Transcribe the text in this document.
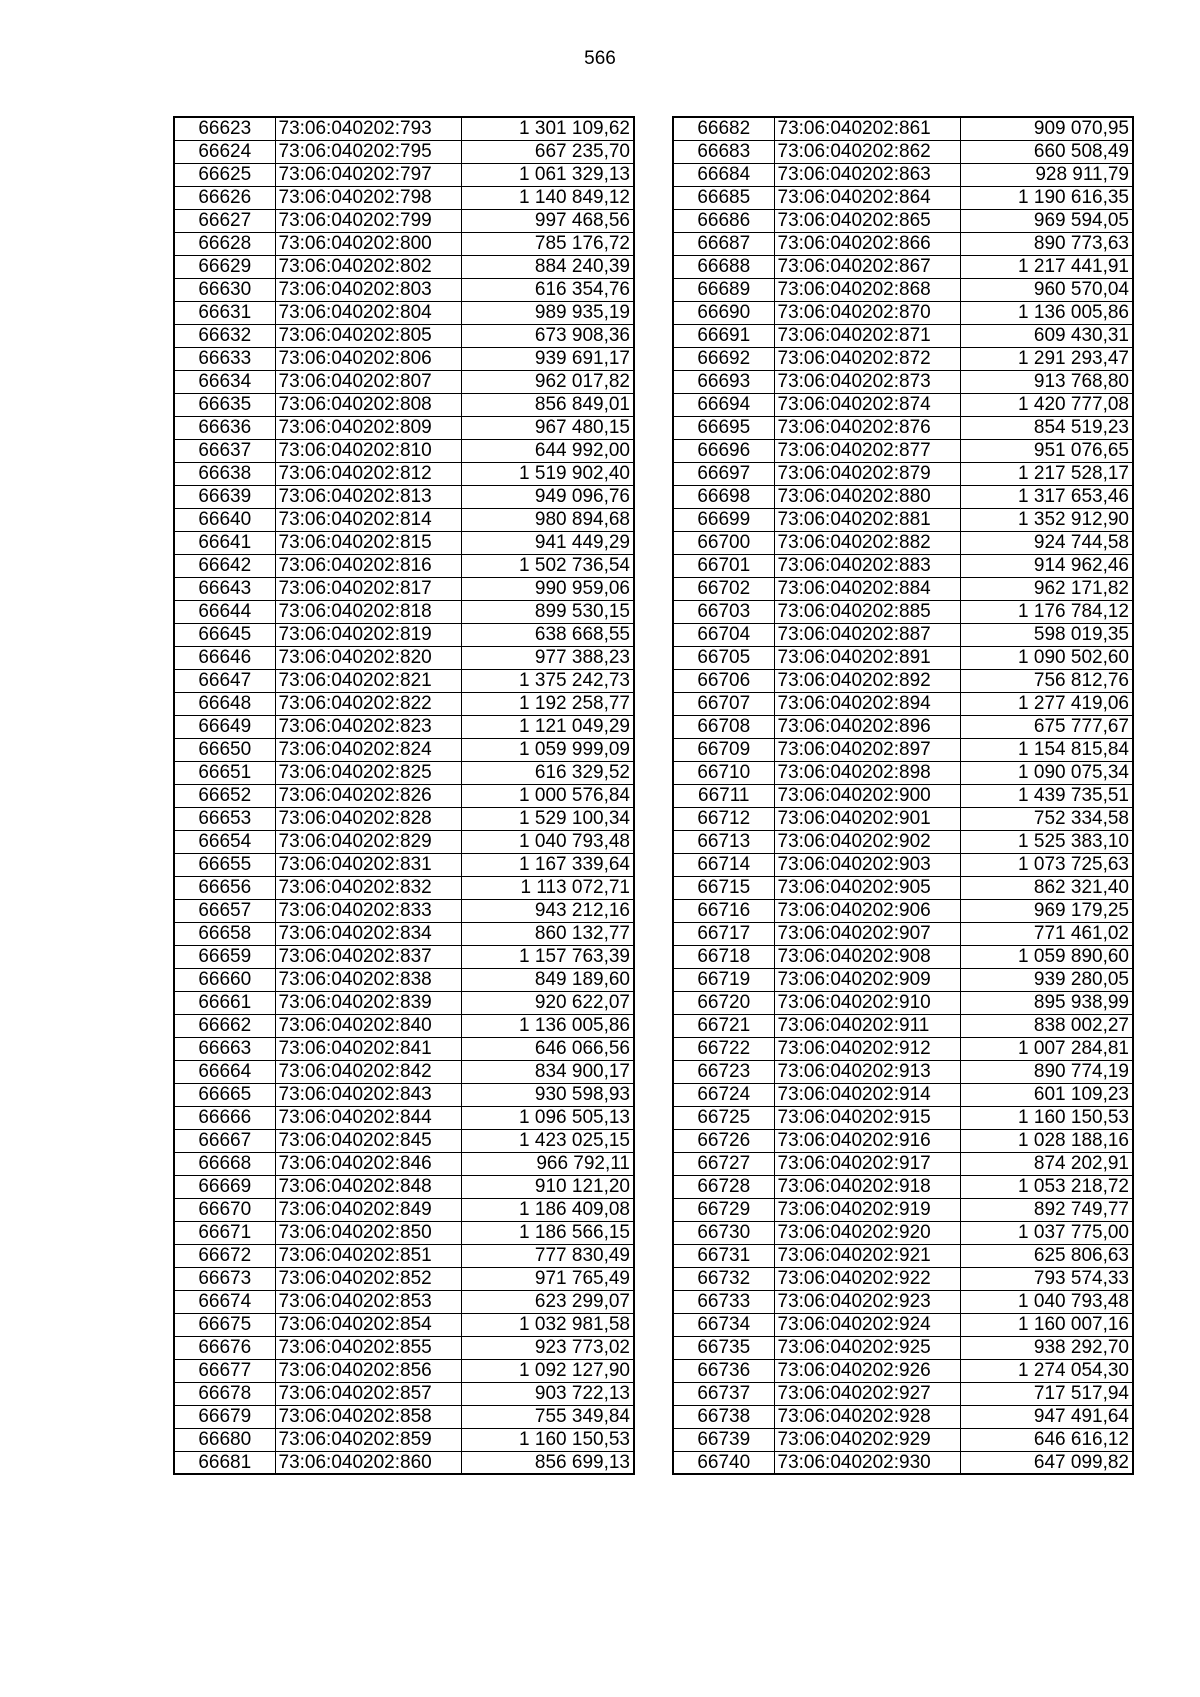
566
66623	73:06:040202:793	1 301 109,62
66624	73:06:040202:795	667 235,70
66625	73:06:040202:797	1 061 329,13
66626	73:06:040202:798	1 140 849,12
66627	73:06:040202:799	997 468,56
66628	73:06:040202:800	785 176,72
66629	73:06:040202:802	884 240,39
66630	73:06:040202:803	616 354,76
66631	73:06:040202:804	989 935,19
66632	73:06:040202:805	673 908,36
66633	73:06:040202:806	939 691,17
66634	73:06:040202:807	962 017,82
66635	73:06:040202:808	856 849,01
66636	73:06:040202:809	967 480,15
66637	73:06:040202:810	644 992,00
66638	73:06:040202:812	1 519 902,40
66639	73:06:040202:813	949 096,76
66640	73:06:040202:814	980 894,68
66641	73:06:040202:815	941 449,29
66642	73:06:040202:816	1 502 736,54
66643	73:06:040202:817	990 959,06
66644	73:06:040202:818	899 530,15
66645	73:06:040202:819	638 668,55
66646	73:06:040202:820	977 388,23
66647	73:06:040202:821	1 375 242,73
66648	73:06:040202:822	1 192 258,77
66649	73:06:040202:823	1 121 049,29
66650	73:06:040202:824	1 059 999,09
66651	73:06:040202:825	616 329,52
66652	73:06:040202:826	1 000 576,84
66653	73:06:040202:828	1 529 100,34
66654	73:06:040202:829	1 040 793,48
66655	73:06:040202:831	1 167 339,64
66656	73:06:040202:832	1 113 072,71
66657	73:06:040202:833	943 212,16
66658	73:06:040202:834	860 132,77
66659	73:06:040202:837	1 157 763,39
66660	73:06:040202:838	849 189,60
66661	73:06:040202:839	920 622,07
66662	73:06:040202:840	1 136 005,86
66663	73:06:040202:841	646 066,56
66664	73:06:040202:842	834 900,17
66665	73:06:040202:843	930 598,93
66666	73:06:040202:844	1 096 505,13
66667	73:06:040202:845	1 423 025,15
66668	73:06:040202:846	966 792,11
66669	73:06:040202:848	910 121,20
66670	73:06:040202:849	1 186 409,08
66671	73:06:040202:850	1 186 566,15
66672	73:06:040202:851	777 830,49
66673	73:06:040202:852	971 765,49
66674	73:06:040202:853	623 299,07
66675	73:06:040202:854	1 032 981,58
66676	73:06:040202:855	923 773,02
66677	73:06:040202:856	1 092 127,90
66678	73:06:040202:857	903 722,13
66679	73:06:040202:858	755 349,84
66680	73:06:040202:859	1 160 150,53
66681	73:06:040202:860	856 699,13
66682	73:06:040202:861	909 070,95
66683	73:06:040202:862	660 508,49
66684	73:06:040202:863	928 911,79
66685	73:06:040202:864	1 190 616,35
66686	73:06:040202:865	969 594,05
66687	73:06:040202:866	890 773,63
66688	73:06:040202:867	1 217 441,91
66689	73:06:040202:868	960 570,04
66690	73:06:040202:870	1 136 005,86
66691	73:06:040202:871	609 430,31
66692	73:06:040202:872	1 291 293,47
66693	73:06:040202:873	913 768,80
66694	73:06:040202:874	1 420 777,08
66695	73:06:040202:876	854 519,23
66696	73:06:040202:877	951 076,65
66697	73:06:040202:879	1 217 528,17
66698	73:06:040202:880	1 317 653,46
66699	73:06:040202:881	1 352 912,90
66700	73:06:040202:882	924 744,58
66701	73:06:040202:883	914 962,46
66702	73:06:040202:884	962 171,82
66703	73:06:040202:885	1 176 784,12
66704	73:06:040202:887	598 019,35
66705	73:06:040202:891	1 090 502,60
66706	73:06:040202:892	756 812,76
66707	73:06:040202:894	1 277 419,06
66708	73:06:040202:896	675 777,67
66709	73:06:040202:897	1 154 815,84
66710	73:06:040202:898	1 090 075,34
66711	73:06:040202:900	1 439 735,51
66712	73:06:040202:901	752 334,58
66713	73:06:040202:902	1 525 383,10
66714	73:06:040202:903	1 073 725,63
66715	73:06:040202:905	862 321,40
66716	73:06:040202:906	969 179,25
66717	73:06:040202:907	771 461,02
66718	73:06:040202:908	1 059 890,60
66719	73:06:040202:909	939 280,05
66720	73:06:040202:910	895 938,99
66721	73:06:040202:911	838 002,27
66722	73:06:040202:912	1 007 284,81
66723	73:06:040202:913	890 774,19
66724	73:06:040202:914	601 109,23
66725	73:06:040202:915	1 160 150,53
66726	73:06:040202:916	1 028 188,16
66727	73:06:040202:917	874 202,91
66728	73:06:040202:918	1 053 218,72
66729	73:06:040202:919	892 749,77
66730	73:06:040202:920	1 037 775,00
66731	73:06:040202:921	625 806,63
66732	73:06:040202:922	793 574,33
66733	73:06:040202:923	1 040 793,48
66734	73:06:040202:924	1 160 007,16
66735	73:06:040202:925	938 292,70
66736	73:06:040202:926	1 274 054,30
66737	73:06:040202:927	717 517,94
66738	73:06:040202:928	947 491,64
66739	73:06:040202:929	646 616,12
66740	73:06:040202:930	647 099,82
